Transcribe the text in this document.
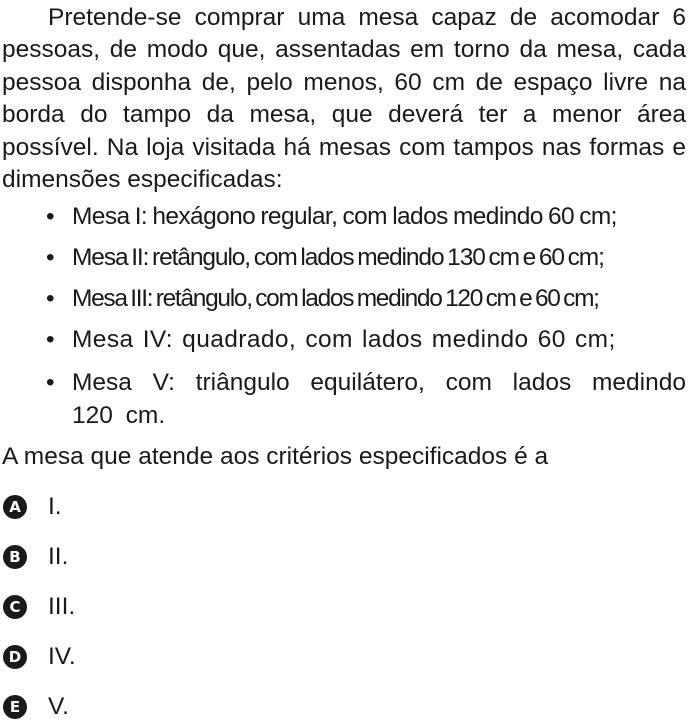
Pretende-se comprar uma mesa capaz de acomodar 6 pessoas, de modo que, assentadas em torno da mesa, cada pessoa disponha de, pelo menos, 60 cm de espaço livre na borda do tampo da mesa, que deverá ter a menor área possível. Na loja visitada há mesas com tampos nas formas e dimensões especificadas:

• Mesa I: hexágono regular, com lados medindo 60 cm;
• Mesa II: retângulo, com lados medindo 130 cm e 60 cm;
• Mesa III: retângulo, com lados medindo 120 cm e 60 cm;
• Mesa IV: quadrado, com lados medindo 60 cm;
• Mesa V: triângulo equilátero, com lados medindo 120 cm.

A mesa que atende aos critérios especificados é a

A I.
B II.
C III.
D IV.
E V.
